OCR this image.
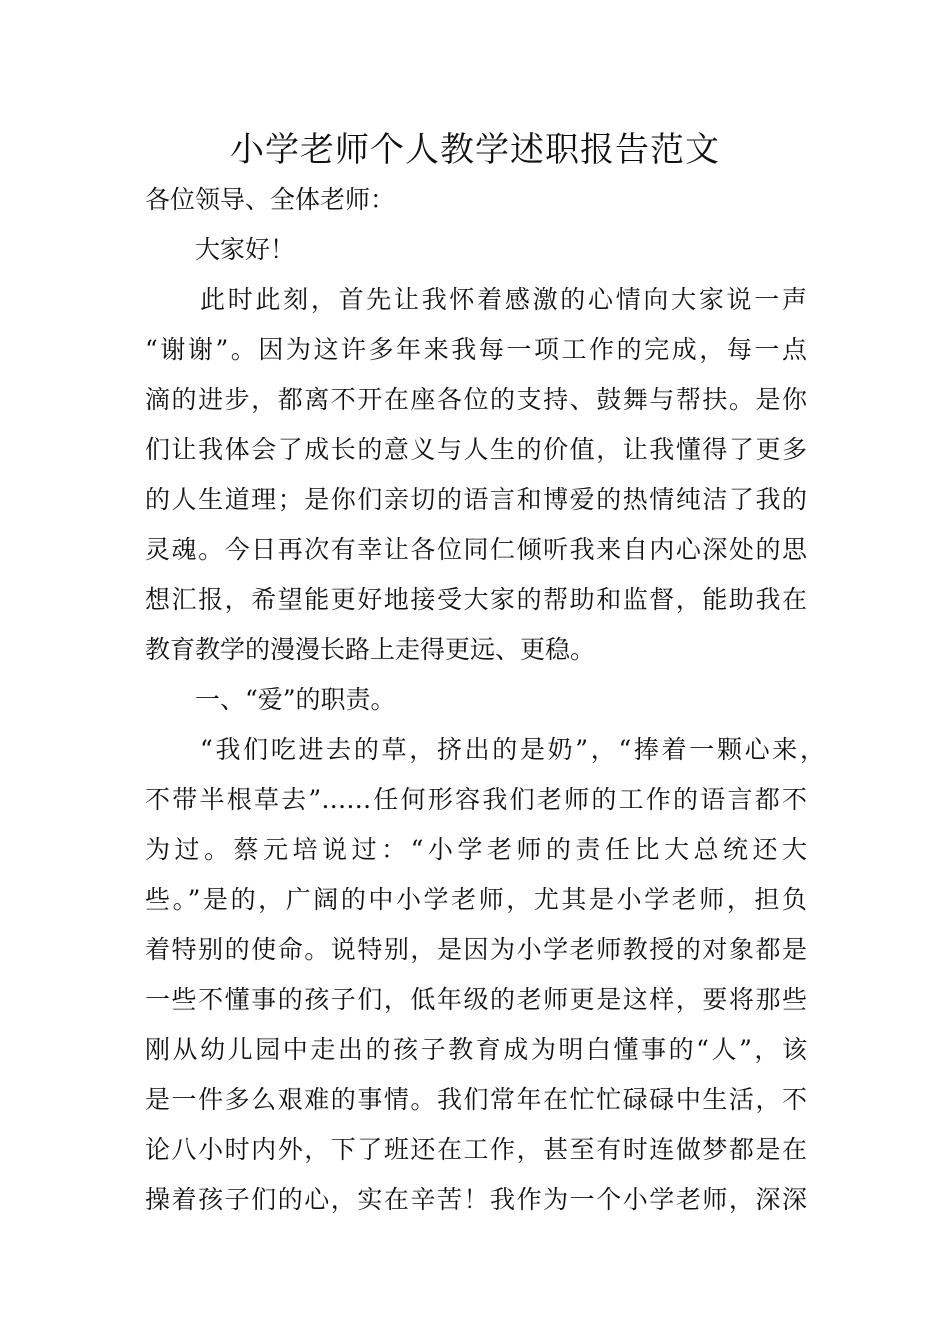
小学老师个人教学述职报告范文
各位领导、全体老师：
大家好！
此时此刻，首先让我怀着感激的心情向大家说一声
“谢谢”。因为这许多年来我每一项工作的完成，每一点
滴的进步，都离不开在座各位的支持、鼓舞与帮扶。是你
们让我体会了成长的意义与人生的价值，让我懂得了更多
的人生道理；是你们亲切的语言和博爱的热情纯洁了我的
灵魂。今日再次有幸让各位同仁倾听我来自内心深处的思
想汇报，希望能更好地接受大家的帮助和监督，能助我在
教育教学的漫漫长路上走得更远、更稳。
一、“爱”的职责。
“我们吃进去的草，挤出的是奶”，“捧着一颗心来，
不带半根草去”……任何形容我们老师的工作的语言都不
为过。蔡元培说过：“小学老师的责任比大总统还大
些。”是的，广阔的中小学老师，尤其是小学老师，担负
着特别的使命。说特别，是因为小学老师教授的对象都是
一些不懂事的孩子们，低年级的老师更是这样，要将那些
刚从幼儿园中走出的孩子教育成为明白懂事的“人”，该
是一件多么艰难的事情。我们常年在忙忙碌碌中生活，不
论八小时内外，下了班还在工作，甚至有时连做梦都是在
操着孩子们的心，实在辛苦！我作为一个小学老师，深深
